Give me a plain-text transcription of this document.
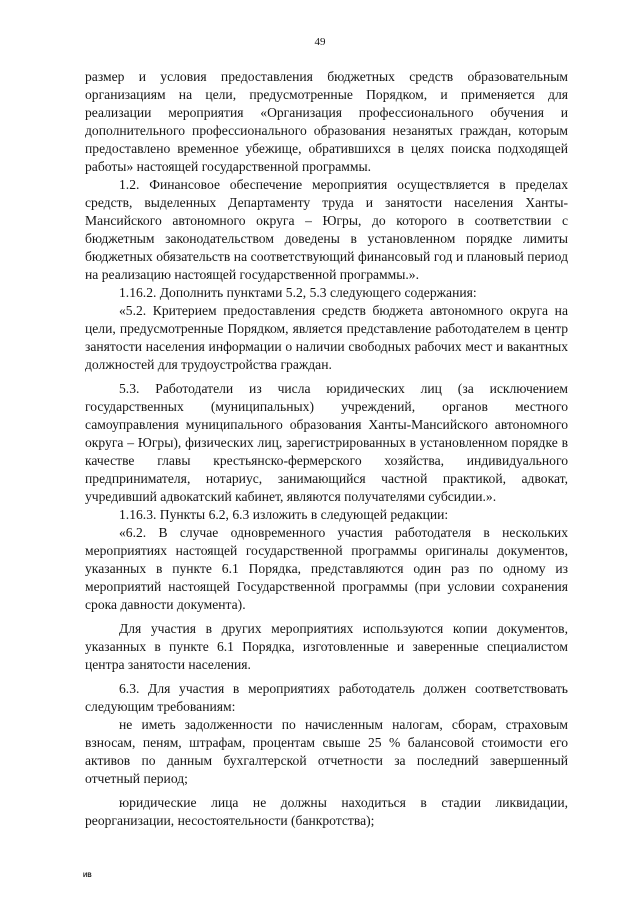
49

размер и условия предоставления бюджетных средств образовательным организациям на цели, предусмотренные Порядком, и применяется для реализации мероприятия «Организация профессионального обучения и дополнительного профессионального образования незанятых граждан, которым предоставлено временное убежище, обратившихся в целях поиска подходящей работы» настоящей государственной программы.

1.2. Финансовое обеспечение мероприятия осуществляется в пределах средств, выделенных Департаменту труда и занятости населения Ханты-Мансийского автономного округа – Югры, до которого в соответствии с бюджетным законодательством доведены в установленном порядке лимиты бюджетных обязательств на соответствующий финансовый год и плановый период на реализацию настоящей государственной программы.».

1.16.2. Дополнить пунктами 5.2, 5.3 следующего содержания:

«5.2. Критерием предоставления средств бюджета автономного округа на цели, предусмотренные Порядком, является представление работодателем в центр занятости населения информации о наличии свободных рабочих мест и вакантных должностей для трудоустройства граждан.

5.3. Работодатели из числа юридических лиц (за исключением государственных (муниципальных) учреждений, органов местного самоуправления муниципального образования Ханты-Мансийского автономного округа – Югры), физических лиц, зарегистрированных в установленном порядке в качестве главы крестьянско-фермерского хозяйства, индивидуального предпринимателя, нотариус, занимающийся частной практикой, адвокат, учредивший адвокатский кабинет, являются получателями субсидии.».

1.16.3. Пункты 6.2, 6.3 изложить в следующей редакции:

«6.2. В случае одновременного участия работодателя в нескольких мероприятиях настоящей государственной программы оригиналы документов, указанных в пункте 6.1 Порядка, представляются один раз по одному из мероприятий настоящей Государственной программы (при условии сохранения срока давности документа).

Для участия в других мероприятиях используются копии документов, указанных в пункте 6.1 Порядка, изготовленные и заверенные специалистом центра занятости населения.

6.3. Для участия в мероприятиях работодатель должен соответствовать следующим требованиям:

не иметь задолженности по начисленным налогам, сборам, страховым взносам, пеням, штрафам, процентам свыше 25 % балансовой стоимости его активов по данным бухгалтерской отчетности за последний завершенный отчетный период;

юридические лица не должны находиться в стадии ликвидации, реорганизации, несостоятельности (банкротства);

ИВ
